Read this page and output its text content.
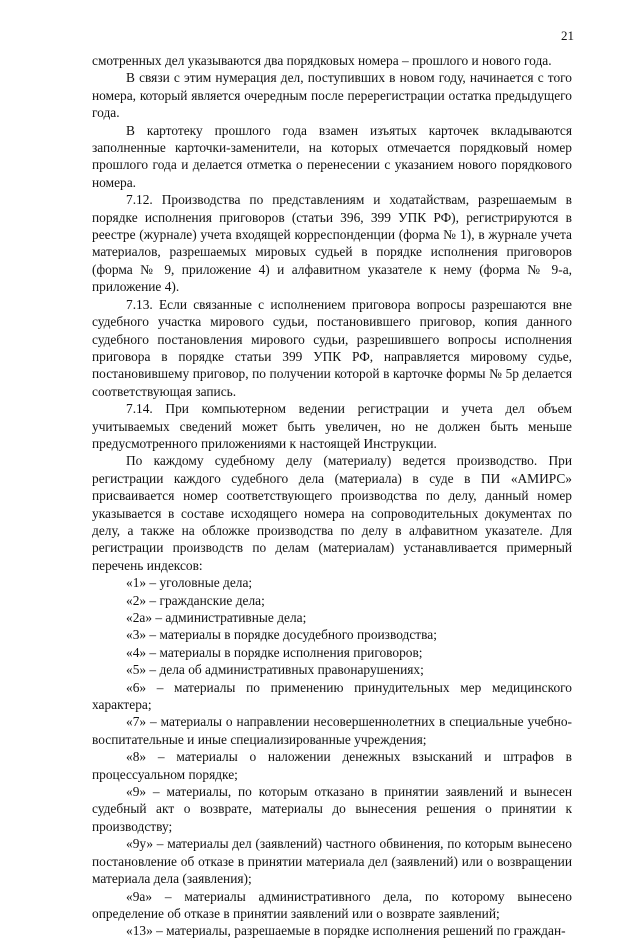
21

смотренных дел указываются два порядковых номера – прошлого и нового года.

В связи с этим нумерация дел, поступивших в новом году, начинается с того номера, который является очередным после перерегистрации остатка предыдущего года.

В картотеку прошлого года взамен изъятых карточек вкладываются заполненные карточки-заменители, на которых отмечается порядковый номер прошлого года и делается отметка о перенесении с указанием нового порядкового номера.

7.12. Производства по представлениям и ходатайствам, разрешаемым в порядке исполнения приговоров (статьи 396, 399 УПК РФ), регистрируются в реестре (журнале) учета входящей корреспонденции (форма № 1), в журнале учета материалов, разрешаемых мировых судьей в порядке исполнения приговоров (форма № 9, приложение 4) и алфавитном указателе к нему (форма № 9-а, приложение 4).

7.13. Если связанные с исполнением приговора вопросы разрешаются вне судебного участка мирового судьи, постановившего приговор, копия данного судебного постановления мирового судьи, разрешившего вопросы исполнения приговора в порядке статьи 399 УПК РФ, направляется мировому судье, постановившему приговор, по получении которой в карточке формы № 5р делается соответствующая запись.

7.14. При компьютерном ведении регистрации и учета дел объем учитываемых сведений может быть увеличен, но не должен быть меньше предусмотренного приложениями к настоящей Инструкции.

По каждому судебному делу (материалу) ведется производство. При регистрации каждого судебного дела (материала) в суде в ПИ «АМИРС» присваивается номер соответствующего производства по делу, данный номер указывается в составе исходящего номера на сопроводительных документах по делу, а также на обложке производства по делу в алфавитном указателе. Для регистрации производств по делам (материалам) устанавливается примерный перечень индексов:

«1» – уголовные дела;

«2» – гражданские дела;

«2а» – административные дела;

«3» – материалы в порядке досудебного производства;

«4» – материалы в порядке исполнения приговоров;

«5» – дела об административных правонарушениях;

«6» – материалы по применению принудительных мер медицинского характера;

«7» – материалы о направлении несовершеннолетних в специальные учебно-воспитательные и иные специализированные учреждения;

«8» – материалы о наложении денежных взысканий и штрафов в процессуальном порядке;

«9» – материалы, по которым отказано в принятии заявлений и вынесен судебный акт о возврате, материалы до вынесения решения о принятии к производству;

«9у» – материалы дел (заявлений) частного обвинения, по которым вынесено постановление об отказе в принятии материала дел (заявлений) или о возвращении материала дела (заявления);

«9а» – материалы административного дела, по которому вынесено определение об отказе в принятии заявлений или о возврате заявлений;

«13» – материалы, разрешаемые в порядке исполнения решений по граждан-
